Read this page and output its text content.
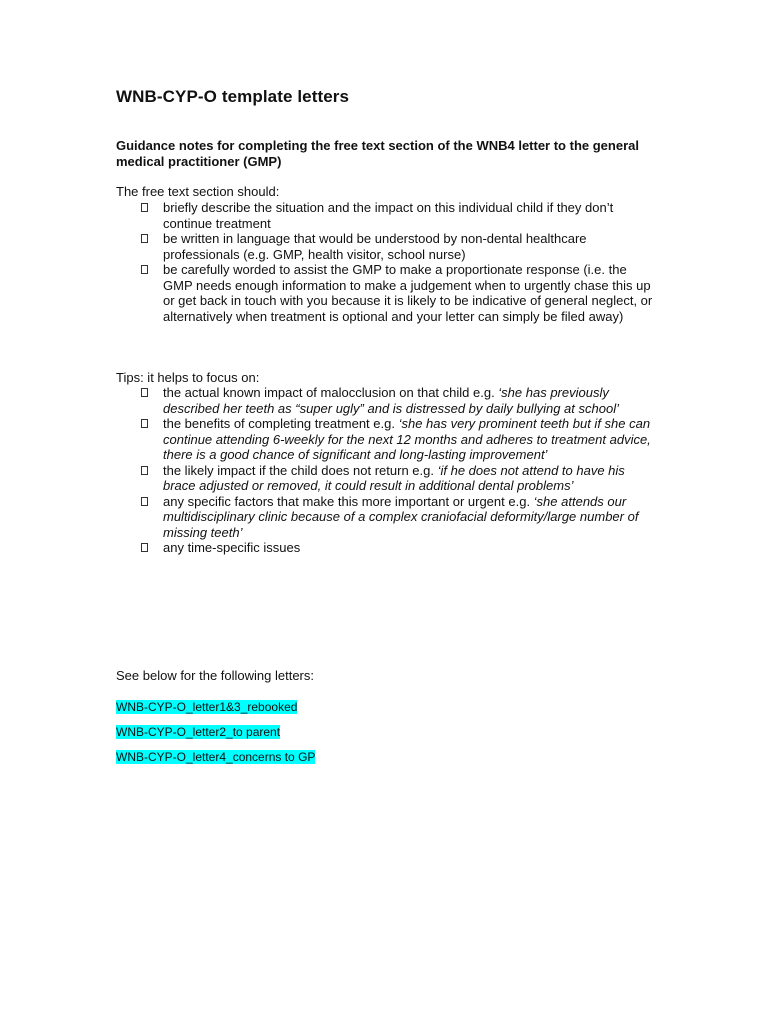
WNB-CYP-O template letters
Guidance notes for completing the free text section of the WNB4 letter to the general medical practitioner (GMP)
The free text section should:
briefly describe the situation and the impact on this individual child if they don’t continue treatment
be written in language that would be understood by non-dental healthcare professionals (e.g. GMP, health visitor, school nurse)
be carefully worded to assist the GMP to make a proportionate response (i.e. the GMP needs enough information to make a judgement when to urgently chase this up or get back in touch with you because it is likely to be indicative of general neglect, or alternatively when treatment is optional and your letter can simply be filed away)
Tips: it helps to focus on:
the actual known impact of malocclusion on that child e.g. ‘she has previously described her teeth as “super ugly” and is distressed by daily bullying at school’
the benefits of completing treatment e.g. ‘she has very prominent teeth but if she can continue attending 6-weekly for the next 12 months and adheres to treatment advice, there is a good chance of significant and long-lasting improvement’
the likely impact if the child does not return e.g. ‘if he does not attend to have his brace adjusted or removed, it could result in additional dental problems’
any specific factors that make this more important or urgent e.g. ‘she attends our multidisciplinary clinic because of a complex craniofacial deformity/large number of missing teeth’
any time-specific issues
See below for the following letters:
WNB-CYP-O_letter1&3_rebooked
WNB-CYP-O_letter2_to parent
WNB-CYP-O_letter4_concerns to GP
